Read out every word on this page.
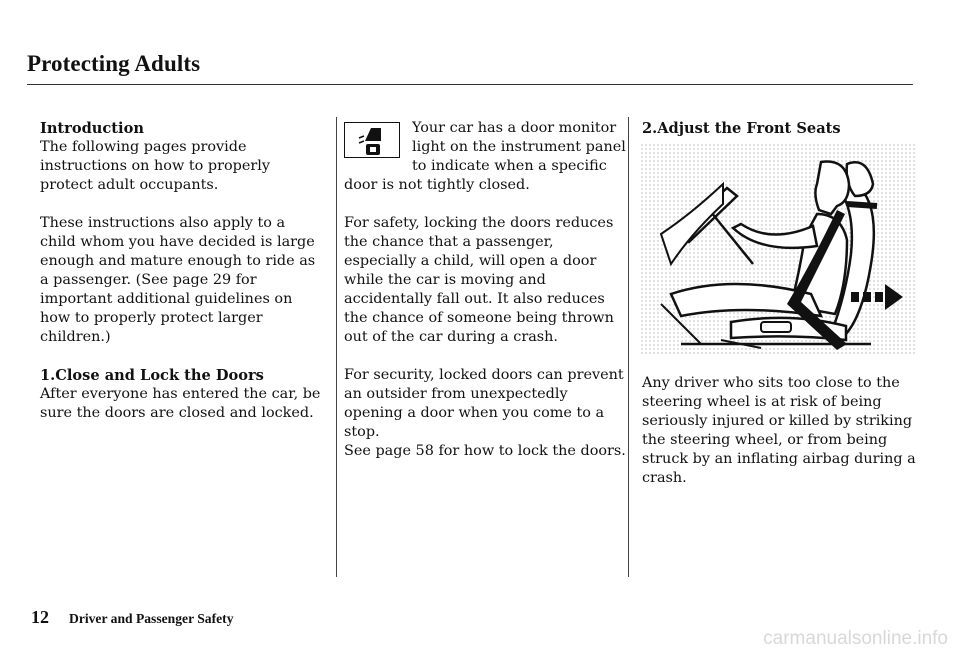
Protecting Adults
Introduction

The following pages provide instructions on how to properly protect adult occupants.

These instructions also apply to a child whom you have decided is large enough and mature enough to ride as a passenger. (See page 29 for important additional guidelines on how to properly protect larger children.)

1.Close and Lock the Doors

After everyone has entered the car, be sure the doors are closed and locked.

Your car has a door monitor light on the instrument panel to indicate when a specific door is not tightly closed.

For safety, locking the doors reduces the chance that a passenger, especially a child, will open a door while the car is moving and accidentally fall out. It also reduces the chance of someone being thrown out of the car during a crash.

For security, locked doors can prevent an outsider from unexpectedly opening a door when you come to a stop.

See page 58 for how to lock the doors.

2.Adjust the Front Seats

Any driver who sits too close to the steering wheel is at risk of being seriously injured or killed by striking the steering wheel, or from being struck by an inflating airbag during a crash.

12 Driver and Passenger Safety
carmanualsonline.info
